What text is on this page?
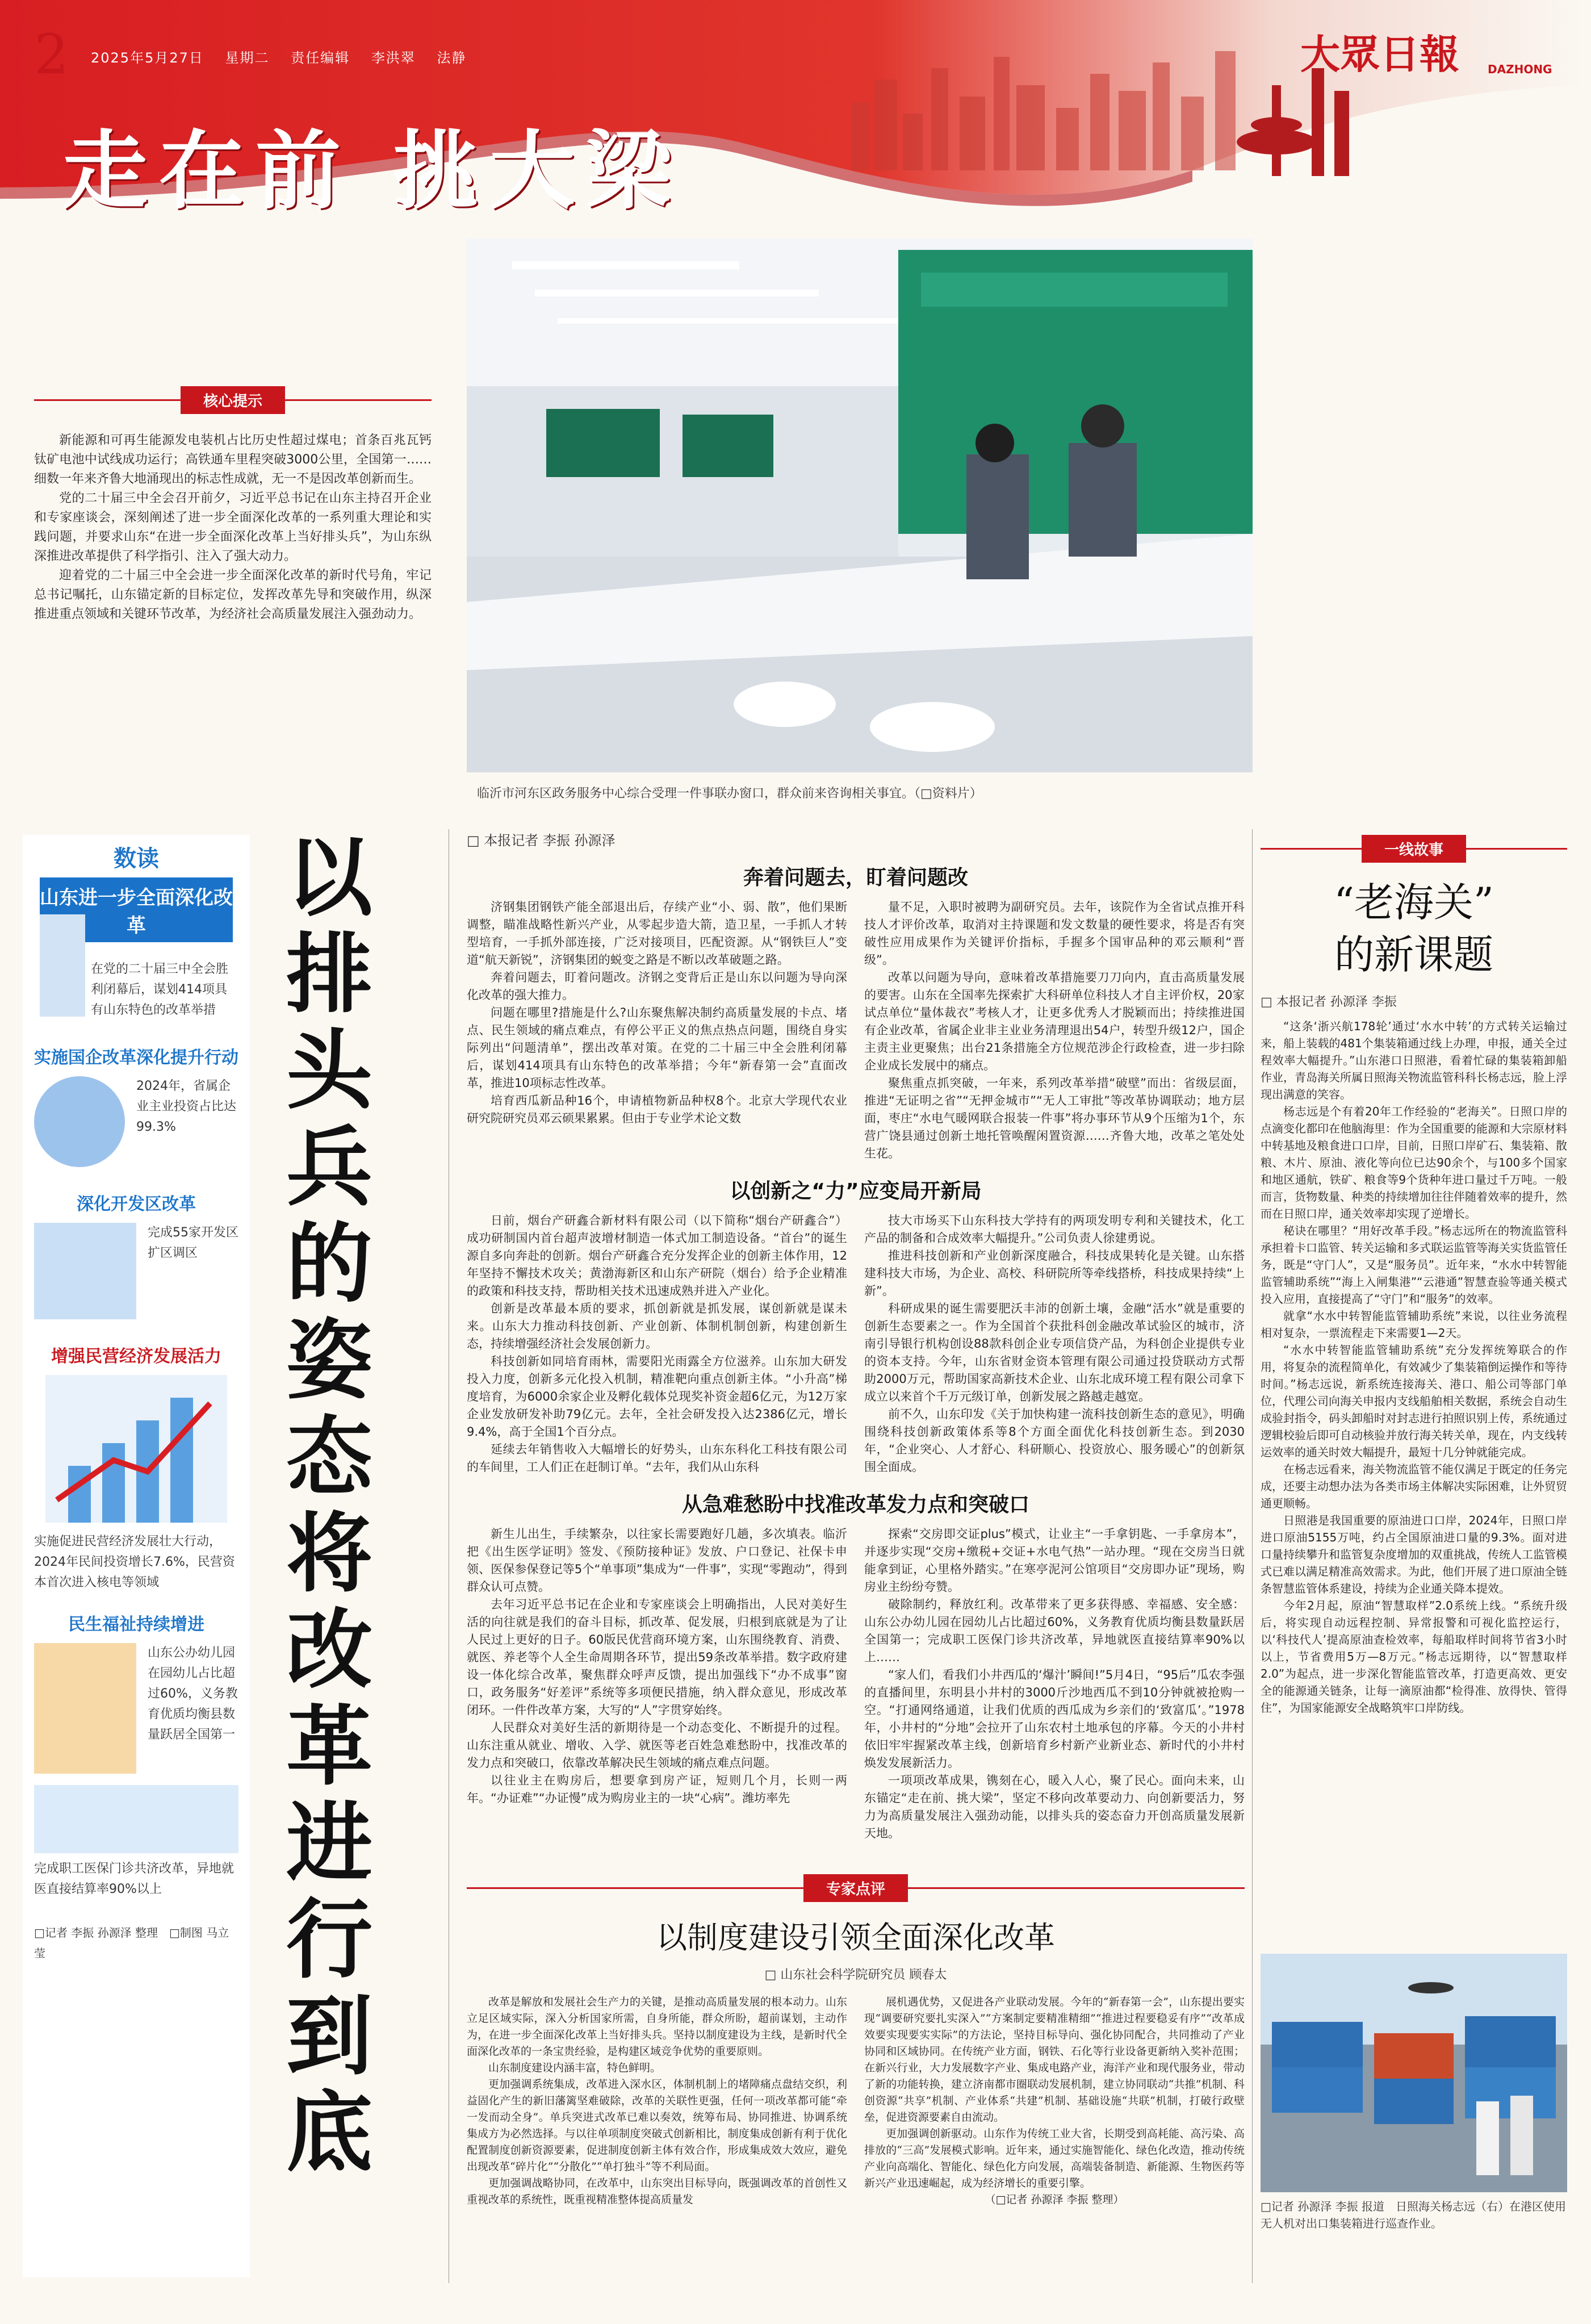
2 2025年5月27日 星期二 责任编辑 李洪翠 法静
走在前 挑大梁
大眾日報	DAZHONG
核心提示

新能源和可再生能源发电装机占比历史性超过煤电；首条百兆瓦钙钛矿电池中试线成功运行；高铁通车里程突破3000公里，全国第一……细数一年来齐鲁大地涌现出的标志性成就，无一不是因改革创新而生。

党的二十届三中全会召开前夕，习近平总书记在山东主持召开企业和专家座谈会，深刻阐述了进一步全面深化改革的一系列重大理论和实践问题，并要求山东“在进一步全面深化改革上当好排头兵”，为山东纵深推进改革提供了科学指引、注入了强大动力。

迎着党的二十届三中全会进一步全面深化改革的新时代号角，牢记总书记嘱托，山东锚定新的目标定位，发挥改革先导和突破作用，纵深推进重点领域和关键环节改革，为经济社会高质量发展注入强劲动力。

临沂市河东区政务服务中心综合受理一件事联办窗口，群众前来咨询相关事宜。（□资料片）
数读
山东进一步全面深化改革
在党的二十届三中全会胜利闭幕后，谋划414项具有山东特色的改革举措
实施国企改革深化提升行动
2024年，省属企业主业投资占比达99.3%
深化开发区改革
完成55家开发区扩区调区
增强民营经济发展活力
实施促进民营经济发展壮大行动，2024年民间投资增长7.6%，民营资本首次进入核电等领域
民生福祉持续增进
山东公办幼儿园在园幼儿占比超过60%，义务教育优质均衡县数量跃居全国第一
完成职工医保门诊共济改革，异地就医直接结算率90%以上
□记者 李振 孙源泽 整理　□制图 马立莹
以排头兵的姿态将改革进行到底
□ 本报记者 李振 孙源泽
奔着问题去，盯着问题改

济钢集团钢铁产能全部退出后，存续产业“小、弱、散”，他们果断调整，瞄准战略性新兴产业，从零起步造大箭，造卫星，一手抓人才转型培育，一手抓外部连接，广泛对接项目，匹配资源。从“钢铁巨人”变道“航天新锐”，济钢集团的蜕变之路是不断以改革破题之路。

奔着问题去，盯着问题改。济钢之变背后正是山东以问题为导向深化改革的强大推力。

问题在哪里?措施是什么?山东聚焦解决制约高质量发展的卡点、堵点、民生领域的痛点难点，有停公平正义的焦点热点问题，围绕自身实际列出“问题清单”，摆出改革对策。在党的二十届三中全会胜利闭幕后，谋划414项具有山东特色的改革举措；今年“新春第一会”直面改革，推进10项标志性改革。

培育西瓜新品种16个，申请植物新品种权8个。北京大学现代农业研究院研究员邓云硕果累累。但由于专业学术论文数

量不足，入职时被聘为副研究员。去年，该院作为全省试点推开科技人才评价改革，取消对主持课题和发文数量的硬性要求，将是否有突破性应用成果作为关键评价指标，手握多个国审品种的邓云顺利“晋级”。

改革以问题为导向，意味着改革措施要刀刀向内，直击高质量发展的要害。山东在全国率先探索扩大科研单位科技人才自主评价权，20家试点单位“量体裁衣”考核人才，让更多优秀人才脱颖而出；持续推进国有企业改革，省属企业非主业业务清理退出54户，转型升级12户，国企主责主业更聚焦；出台21条措施全方位规范涉企行政检查，进一步扫除企业成长发展中的痛点。

聚焦重点抓突破，一年来，系列改革举措“破壁”而出：省级层面，推进“无证明之省”“无押金城市”“无人工审批”等改革协调联动；地方层面，枣庄“水电气暖网联合报装一件事”将办事环节从9个压缩为1个，东营广饶县通过创新土地托管唤醒闲置资源……齐鲁大地，改革之笔处处生花。

以创新之“力”应变局开新局

日前，烟台产研鑫合新材料有限公司（以下简称“烟台产研鑫合”）成功研制国内首台超声波增材制造一体式加工制造设备。“首台”的诞生源自多向奔赴的创新。烟台产研鑫合充分发挥企业的创新主体作用，12年坚持不懈技术攻关；黄渤海新区和山东产研院（烟台）给予企业精准的政策和科技支持，帮助相关技术迅速成熟并进入产业化。

创新是改革最本质的要求，抓创新就是抓发展，谋创新就是谋未来。山东大力推动科技创新、产业创新、体制机制创新，构建创新生态，持续增强经济社会发展创新力。

科技创新如同培育雨林，需要阳光雨露全方位滋养。山东加大研发投入力度，创新多元化投入机制，精准靶向重点创新主体。“小升高”梯度培育，为6000余家企业及孵化载体兑现奖补资金超6亿元，为12万家企业发放研发补助79亿元。去年，全社会研发投入达2386亿元，增长9.4%，高于全国1个百分点。

延续去年销售收入大幅增长的好势头，山东东科化工科技有限公司的车间里，工人们正在赶制订单。“去年，我们从山东科

技大市场买下山东科技大学持有的两项发明专利和关键技术，化工产品的制备和合成效率大幅提升。”公司负责人徐建勇说。

推进科技创新和产业创新深度融合，科技成果转化是关键。山东搭建科技大市场，为企业、高校、科研院所等牵线搭桥，科技成果持续“上新”。

科研成果的诞生需要肥沃丰沛的创新土壤，金融“活水”就是重要的创新生态要素之一。作为全国首个获批科创金融改革试验区的城市，济南引导银行机构创设88款科创企业专项信贷产品，为科创企业提供专业的资本支持。今年，山东省财金资本管理有限公司通过投贷联动方式帮助2000万元，帮助国家高新技术企业、山东北成环境工程有限公司拿下成立以来首个千万元级订单，创新发展之路越走越宽。

前不久，山东印发《关于加快构建一流科技创新生态的意见》，明确围绕科技创新政策体系等8个方面全面优化科技创新生态。到2030年，“企业突心、人才舒心、科研顺心、投资放心、服务暖心”的创新氛围全面成。

从急难愁盼中找准改革发力点和突破口

新生儿出生，手续繁杂，以往家长需要跑好几趟，多次填表。临沂把《出生医学证明》签发、《预防接种证》发放、户口登记、社保卡申领、医保参保登记等5个“单事项”集成为“一件事”，实现“零跑动”，得到群众认可点赞。

去年习近平总书记在企业和专家座谈会上明确指出，人民对美好生活的向往就是我们的奋斗目标，抓改革、促发展，归根到底就是为了让人民过上更好的日子。60版民优营商环境方案，山东围绕教育、消费、就医、养老等个人全生命周期各环节，提出59条改革举措。数字政府建设一体化综合改革，聚焦群众呼声反馈，提出加强线下“办不成事”窗口，政务服务“好差评”系统等多项便民措施，纳入群众意见，形成改革闭环。一件件改革方案，大写的“人”字贯穿始终。

人民群众对美好生活的新期待是一个动态变化、不断提升的过程。山东注重从就业、增收、入学、就医等老百姓急难愁盼中，找准改革的发力点和突破口，依靠改革解决民生领域的痛点难点问题。

以往业主在购房后，想要拿到房产证，短则几个月，长则一两年。“办证难”“办证慢”成为购房业主的一块“心病”。潍坊率先

探索“交房即交证plus”模式，让业主“一手拿钥匙、一手拿房本”，并逐步实现“交房+缴税+交证+水电气热”一站办理。“现在交房当日就能拿到证，心里格外踏实。”在寒亭泥河公馆项目“交房即办证”现场，购房业主纷纷夸赞。

破除制约，释放红利。改革带来了更多获得感、幸福感、安全感：山东公办幼儿园在园幼儿占比超过60%，义务教育优质均衡县数量跃居全国第一；完成职工医保门诊共济改革，异地就医直接结算率90%以上……

“家人们，看我们小井西瓜的‘爆汁’瞬间!”5月4日，“95后”瓜农李强的直播间里，东明县小井村的3000斤沙地西瓜不到10分钟就被抢购一空。“打通网络通道，让我们优质的西瓜成为乡亲们的‘致富瓜’。”1978年，小井村的“分地”会拉开了山东农村土地承包的序幕。今天的小井村依旧牢牢握紧改革主线，创新培育乡村新产业新业态、新时代的小井村焕发发展新活力。

一项项改革成果，镌刻在心，暖入人心，聚了民心。面向未来，山东锚定“走在前、挑大梁”，坚定不移向改革要动力、向创新要活力，努力为高质量发展注入强劲动能，以排头兵的姿态奋力开创高质量发展新天地。

专家点评
以制度建设引领全面深化改革
□ 山东社会科学院研究员 顾春太

改革是解放和发展社会生产力的关键，是推动高质量发展的根本动力。山东立足区域实际，深入分析国家所需，自身所能，群众所盼，超前谋划，主动作为，在进一步全面深化改革上当好排头兵。坚持以制度建设为主线，是新时代全面深化改革的一条宝贵经验，是构建区域竞争优势的重要原则。

山东制度建设内涵丰富，特色鲜明。

更加强调系统集成，改革进入深水区，体制机制上的堵障痛点盘结交织，利益固化产生的新旧藩篱坚难破除，改革的关联性更强，任何一项改革都可能“牵一发而动全身”。单兵突进式改革已难以奏效，统筹布局、协同推进、协调系统集成方为必然选择。与以往单项制度突破式创新相比，制度集成创新有利于优化配置制度创新资源要素，促进制度创新主体有效合作，形成集成效大效应，避免出现改革“碎片化”“分散化”“单打独斗”等不利局面。

更加强调战略协同，在改革中，山东突出目标导向，既强调改革的首创性又重视改革的系统性，既重视精准整体提高质量发

展机遇优势，又促进各产业联动发展。今年的“新春第一会”，山东提出要实现“调要研究要扎实深入”“方案制定要精准精细”“推进过程要稳妥有序”“改革成效要实现要实实际”的方法论，坚持目标导向、强化协同配合，共同推动了产业协同和区域协同。在传统产业方面，钢铁、石化等行业设备更新纳入奖补范围；在新兴行业，大力发展数字产业、集成电路产业，海洋产业和现代服务业，带动了新的功能转换，建立济南都市圈联动发展机制，建立协同联动“共推”机制、科创资源“共享”机制、产业体系“共建”机制、基础设施“共联”机制，打破行政壁垒，促进资源要素自由流动。

更加强调创新驱动。山东作为传统工业大省，长期受到高耗能、高污染、高排放的“三高”发展模式影响。近年来，通过实施智能化、绿色化改造，推动传统产业向高端化、智能化、绿色化方向发展，高端装备制造、新能源、生物医药等新兴产业迅速崛起，成为经济增长的重要引擎。

（□记者 孙源泽 李振 整理）

一线故事
“老海关”
的新课题
□ 本报记者 孙源泽 李振

“这条‘浙兴航178轮’通过‘水水中转’的方式转关运输过来，船上装载的481个集装箱通过线上办理，申报，通关全过程效率大幅提升。”山东港口日照港，看着忙碌的集装箱卸船作业，青岛海关所属日照海关物流监管科科长杨志远，脸上浮现出满意的笑容。

杨志远是个有着20年工作经验的“老海关”。日照口岸的点滴变化都印在他脑海里：作为全国重要的能源和大宗原材料中转基地及粮食进口口岸，目前，日照口岸矿石、集装箱、散粮、木片、原油、液化等向位已达90余个，与100多个国家和地区通航，铁矿、粮食等9个货种年进口量过千万吨。一般而言，货物数量、种类的持续增加往往伴随着效率的提升，然而在日照口岸，通关效率却实现了逆增长。

秘诀在哪里？“用好改革手段。”杨志远所在的物流监管科承担着卡口监管、转关运输和多式联运监管等海关实货监管任务，既是“守门人”，又是“服务员”。近年来，“水水中转智能监管辅助系统”“海上入闸集港”“云港通”智慧查验等通关模式投入应用，直接提高了“守门”和“服务”的效率。

就拿“水水中转智能监管辅助系统”来说，以往业务流程相对复杂，一票流程走下来需要1—2天。

“水水中转智能监管辅助系统”充分发挥统筹联合的作用，将复杂的流程简单化，有效减少了集装箱倒运操作和等待时间。”杨志远说，新系统连接海关、港口、船公司等部门单位，代理公司向海关申报内支线船舶相关数据，系统会自动生成验封指令，码头卸船时对封志进行拍照识别上传，系统通过逻辑校验后即可自动核验并放行海关转关单，现在，内支线转运效率的通关时效大幅提升，最短十几分钟就能完成。

在杨志远看来，海关物流监管不能仅满足于既定的任务完成，还要主动想办法为各类市场主体解决实际困难，让外贸贸通更顺畅。

日照港是我国重要的原油进口口岸，2024年，日照口岸进口原油5155万吨，约占全国原油进口量的9.3%。面对进口量持续攀升和监管复杂度增加的双重挑战，传统人工监管模式已难以满足精准高效需求。为此，他们开展了进口原油全链条智慧监管体系建设，持续为企业通关降本提效。

今年2月起，原油“智慧取样”2.0系统上线。“系统升级后，将实现自动远程控制、异常报警和可视化监控运行，以‘科技代人’提高原油查检效率，每船取样时间将节省3小时以上，节省费用5万—8万元。”杨志远期待，以“智慧取样2.0”为起点，进一步深化智能监管改革，打造更高效、更安全的能源通关链条，让每一滴原油都“检得准、放得快、管得住”，为国家能源安全战略筑牢口岸防线。

□记者 孙源泽 李振 报道　日照海关杨志远（右）在港区使用无人机对出口集装箱进行巡查作业。
